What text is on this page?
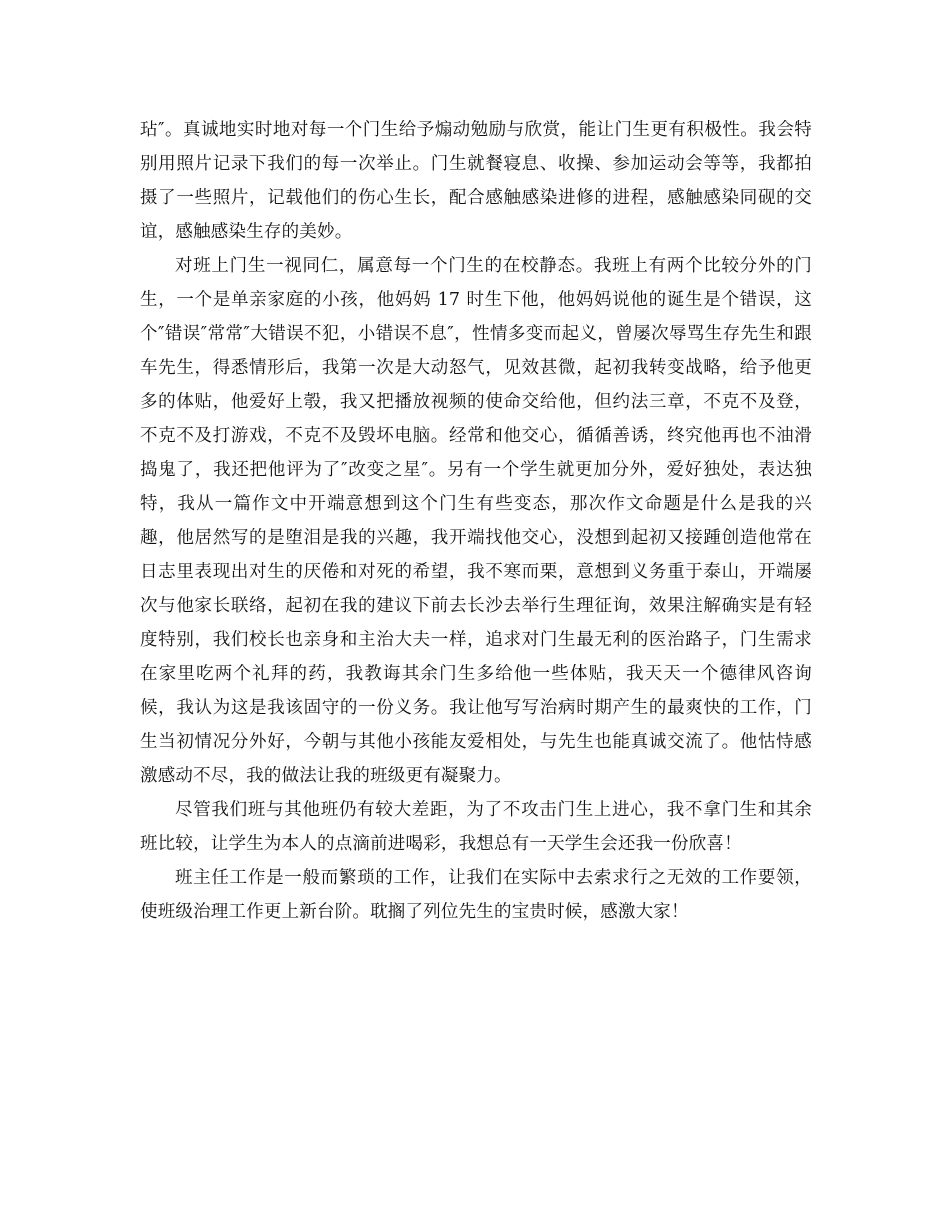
玷″。真诚地实时地对每一个门生给予煽动勉励与欣赏，能让门生更有积极性。我会特别用照片记录下我们的每一次举止。门生就餐寝息、收操、参加运动会等等，我都拍摄了一些照片，记载他们的伤心生长，配合感触感染进修的进程，感触感染同砚的交谊，感触感染生存的美妙。

对班上门生一视同仁，属意每一个门生的在校静态。我班上有两个比较分外的门生，一个是单亲家庭的小孩，他妈妈 17 时生下他，他妈妈说他的诞生是个错误，这个″错误″常常″大错误不犯，小错误不息″，性情多变而起义，曾屡次辱骂生存先生和跟车先生，得悉情形后，我第一次是大动怒气，见效甚微，起初我转变战略，给予他更多的体贴，他爱好上彀，我又把播放视频的使命交给他，但约法三章，不克不及登，不克不及打游戏，不克不及毁坏电脑。经常和他交心，循循善诱，终究他再也不油滑捣鬼了，我还把他评为了″改变之星″。另有一个学生就更加分外，爱好独处，表达独特，我从一篇作文中开端意想到这个门生有些变态，那次作文命题是什么是我的兴趣，他居然写的是堕泪是我的兴趣，我开端找他交心，没想到起初又接踵创造他常在日志里表现出对生的厌倦和对死的希望，我不寒而栗，意想到义务重于泰山，开端屡次与他家长联络，起初在我的建议下前去长沙去举行生理征询，效果注解确实是有轻度特别，我们校长也亲身和主治大夫一样，追求对门生最无利的医治路子，门生需求在家里吃两个礼拜的药，我教诲其余门生多给他一些体贴，我天天一个德律风咨询候，我认为这是我该固守的一份义务。我让他写写治病时期产生的最爽快的工作，门生当初情况分外好，今朝与其他小孩能友爱相处，与先生也能真诚交流了。他怙恃感激感动不尽，我的做法让我的班级更有凝聚力。

尽管我们班与其他班仍有较大差距，为了不攻击门生上进心，我不拿门生和其余班比较，让学生为本人的点滴前进喝彩，我想总有一天学生会还我一份欣喜！

班主任工作是一般而繁琐的工作，让我们在实际中去索求行之无效的工作要领，使班级治理工作更上新台阶。耽搁了列位先生的宝贵时候，感激大家！
